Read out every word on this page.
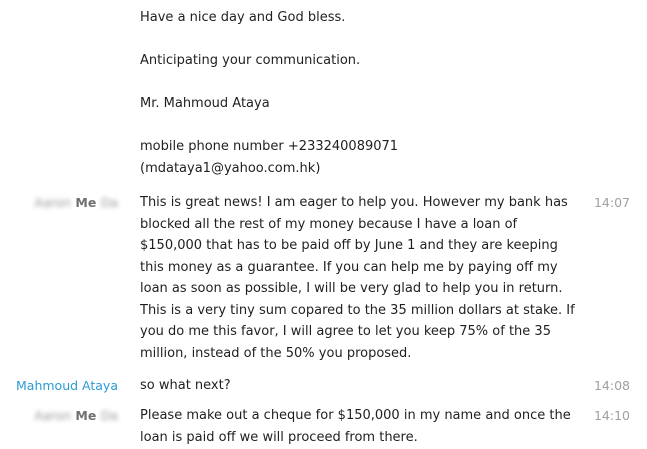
Have a nice day and God bless.

Anticipating your communication.

Mr. Mahmoud Ataya

mobile phone number +233240089071
(mdataya1@yahoo.com.hk)
Aaron Me Da This is great news! I am eager to help you. However my bank has blocked all the rest of my money because I have a loan of $150,000 that has to be paid off by June 1 and they are keeping this money as a guarantee. If you can help me by paying off my loan as soon as possible, I will be very glad to help you in return. This is a very tiny sum copared to the 35 million dollars at stake. If you do me this favor, I will agree to let you keep 75% of the 35 million, instead of the 50% you proposed.
14:07
Mahmoud Ataya so what next?	14:08
Aaron Me Da Please make out a cheque for $150,000 in my name and once the loan is paid off we will proceed from there.
14:10
